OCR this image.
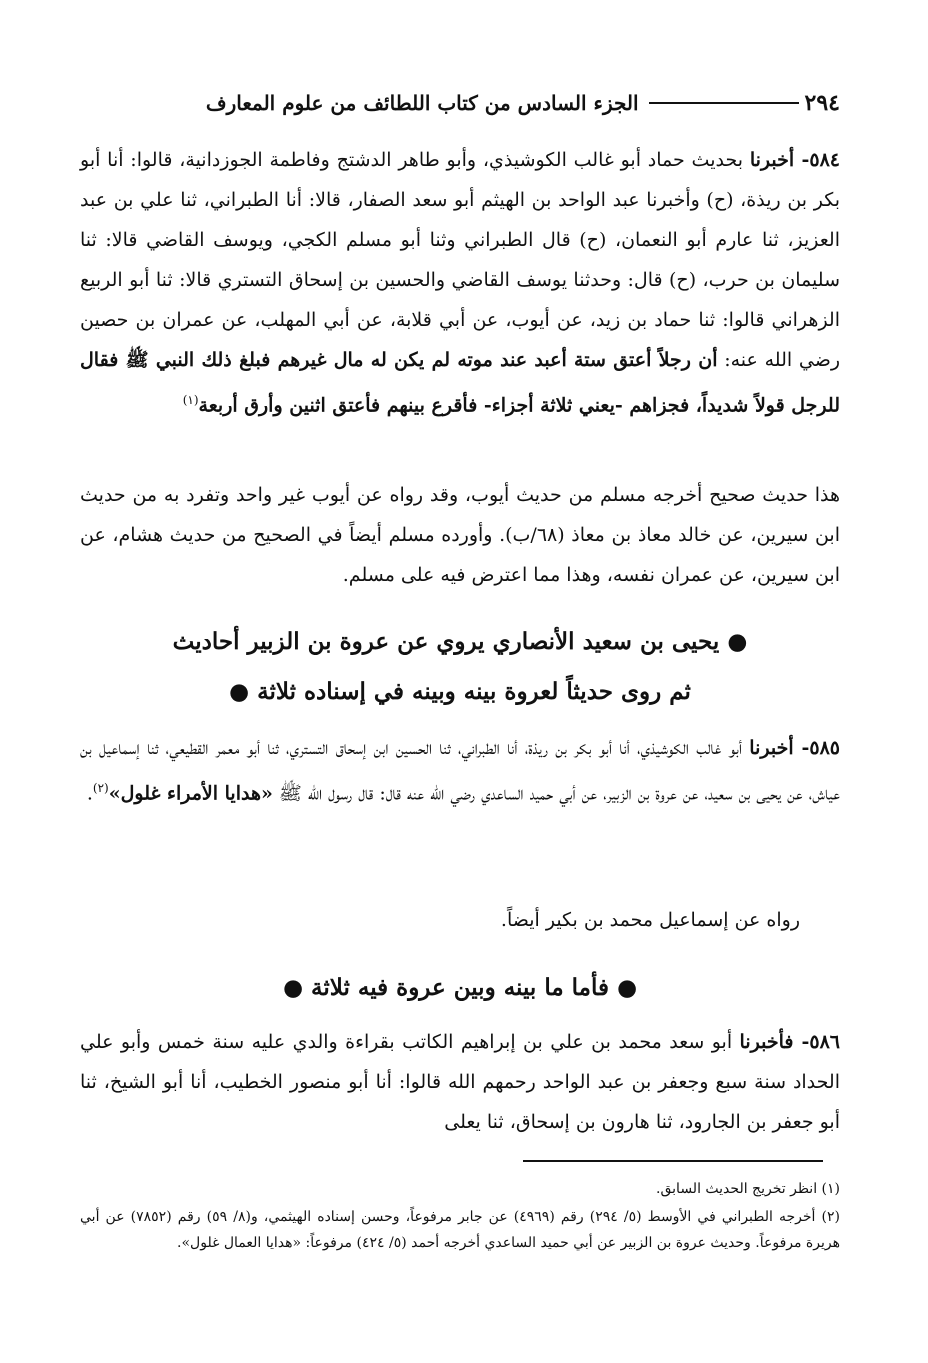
٢٩٤
الجزء السادس من كتاب اللطائف من علوم المعارف

٥٨٤- أخبرنا بحديث حماد أبو غالب الكوشيذي، وأبو طاهر الدشتج وفاطمة الجوزدانية، قالوا: أنا أبو بكر بن ريذة، (ح) وأخبرنا عبد الواحد بن الهيثم أبو سعد الصفار، قالا: أنا الطبراني، ثنا علي بن عبد العزيز، ثنا عارم أبو النعمان، (ح) قال الطبراني وثنا أبو مسلم الكجي، ويوسف القاضي قالا: ثنا سليمان بن حرب، (ح) قال: وحدثنا يوسف القاضي والحسين بن إسحاق التستري قالا: ثنا أبو الربيع الزهراني قالوا: ثنا حماد بن زيد، عن أيوب، عن أبي قلابة، عن أبي المهلب، عن عمران بن حصين رضي الله عنه: أن رجلاً أعتق ستة أعبد عند موته لم يكن له مال غيرهم فبلغ ذلك النبي ﷺ فقال للرجل قولاً شديداً، فجزاهم -يعني ثلاثة أجزاء- فأقرع بينهم فأعتق اثنين وأرق أربعة$^{(١)}$

هذا حديث صحيح أخرجه مسلم من حديث أيوب، وقد رواه عن أيوب غير واحد وتفرد به من حديث ابن سيرين، عن خالد معاذ بن معاذ (٦٨/ب). وأورده مسلم أيضاً في الصحيح من حديث هشام، عن ابن سيرين، عن عمران نفسه، وهذا مما اعترض فيه على مسلم.

● يحيى بن سعيد الأنصاري يروي عن عروة بن الزبير أحاديث
ثم روى حديثاً لعروة بينه وبينه في إسناده ثلاثة ●

٥٨٥- أخبرنا أبو غالب الكوشيذي، أنا أبو بكر بن ريذة، أنا الطبراني، ثنا الحسين ابن إسحاق التستري، ثنا أبو معمر القطيعي، ثنا إسماعيل بن عياش، عن يحيى بن سعيد، عن عروة بن الزبير، عن أبي حميد الساعدي رضي الله عنه قال: قال رسول الله ﷺ «هدايا الأمراء غلول»$^{(٢)}$.

رواه عن إسماعيل محمد بن بكير أيضاً.

● فأما ما بينه وبين عروة فيه ثلاثة ●

٥٨٦- فأخبرنا أبو سعد محمد بن علي بن إبراهيم الكاتب بقراءة والدي عليه سنة خمس وأبو علي الحداد سنة سبع وجعفر بن عبد الواحد رحمهم الله قالوا: أنا أبو منصور الخطيب، أنا أبو الشيخ، ثنا أبو جعفر بن الجارود، ثنا هارون بن إسحاق، ثنا يعلى

(١) انظر تخريج الحديث السابق.

(٢) أخرجه الطبراني في الأوسط (٥/ ٢٩٤) رقم (٤٩٦٩) عن جابر مرفوعاً، وحسن إسناده الهيثمي، و(٨/ ٥٩) رقم (٧٨٥٢) عن أبي هريرة مرفوعاً. وحديث عروة بن الزبير عن أبي حميد الساعدي أخرجه أحمد (٥/ ٤٢٤) مرفوعاً: «هدايا العمال غلول».
